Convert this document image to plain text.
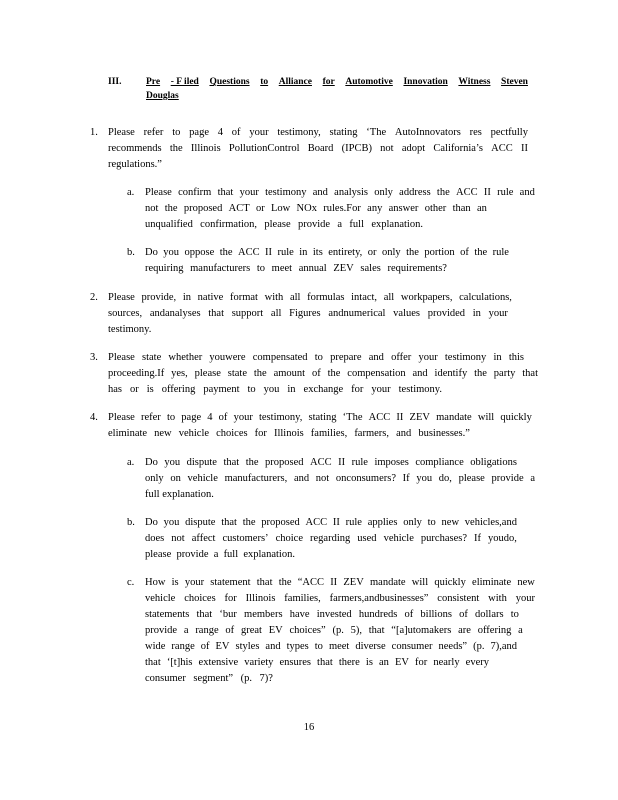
III.	Pre - F iled Questions to Alliance for Automotive Innovation Witness Steven
Douglas
1. Please refer to page 4 of your testimony, stating ‘The AutoInnovators res pectfully
recommends the Illinois PollutionControl Board (IPCB) not adopt California’s ACC II
regulations.”
a. Please confirm that your testimony and analysis only address the ACC II rule and
not the proposed ACT or Low NOx rules.For any answer other than an
unqualified confirmation, please provide a full explanation.
b. Do you oppose the ACC II rule in its entirety, or only the portion of the rule
requiring manufacturers to meet annual ZEV sales requirements?
2. Please provide, in native format with all formulas intact, all workpapers, calculations,
sources, andanalyses that support all Figures andnumerical values provided in your
testimony.
3. Please state whether youwere compensated to prepare and offer your testimony in this
proceeding.If yes, please state the amount of the compensation and identify the party that
has or is offering payment to you in exchange for your testimony.
4. Please refer to page 4 of your testimony, stating ‘The ACC II ZEV mandate will quickly
eliminate new vehicle choices for Illinois families, farmers, and businesses.”
a. Do you dispute that the proposed ACC II rule imposes compliance obligations
only on vehicle manufacturers, and not onconsumers? If you do, please provide a
full explanation.
b. Do you dispute that the proposed ACC II rule applies only to new vehicles,and
does not affect customers’ choice regarding used vehicle purchases? If youdo,
please provide a full explanation.
c. How is your statement that the “ACC II ZEV mandate will quickly eliminate new
vehicle choices for Illinois families, farmers,andbusinesses” consistent with your
statements that ‘bur members have invested hundreds of billions of dollars to
provide a range of great EV choices” (p. 5), that “[a]utomakers are offering a
wide range of EV styles and types to meet diverse consumer needs” (p. 7),and
that ‘[t]his extensive variety ensures that there is an EV for nearly every
consumer segment” (p. 7)?
16
